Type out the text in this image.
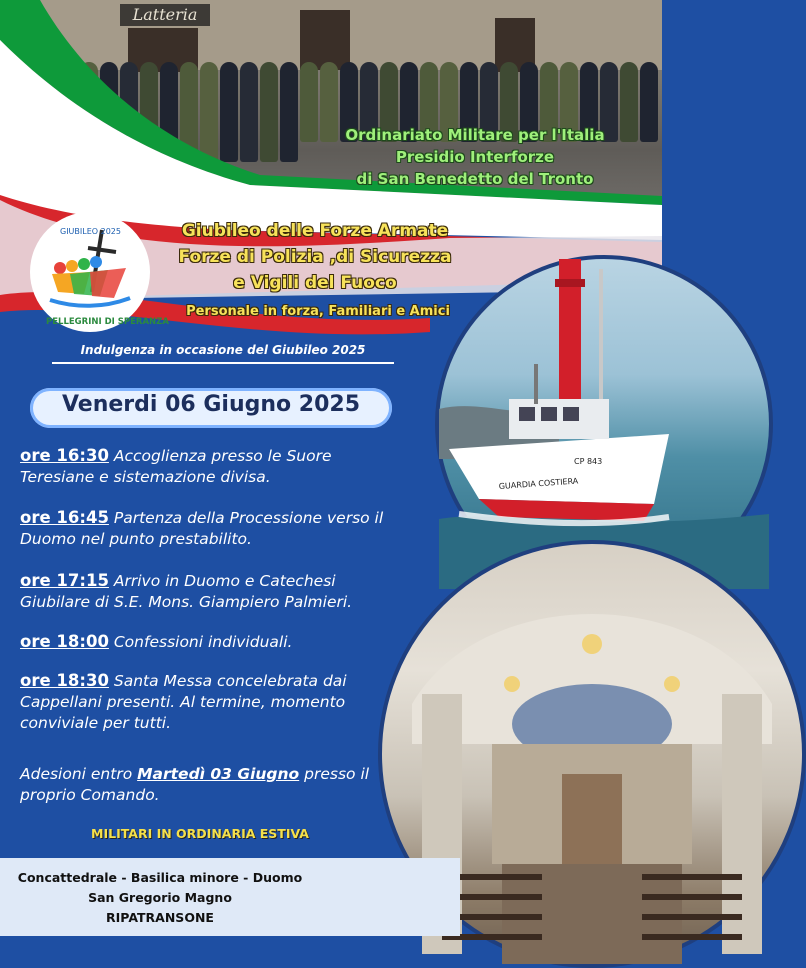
Latteria
Ordinariato Militare per l'Italia
Presidio Interforze
di San Benedetto del Tronto
GIUBILEO 2025
PELLEGRINI DI SPERANZA
Giubileo delle Forze Armate
Forze di Polizia ,di Sicurezza
e Vigili del Fuoco
Personale in forza, Familiari e Amici
Indulgenza in occasione del Giubileo 2025
GUARDIA COSTIERA
CP 843
Venerdi 06 Giugno 2025
ore 16:30 Accoglienza presso le Suore Teresiane e sistemazione divisa.
ore 16:45 Partenza della Processione verso il Duomo nel punto prestabilito.
ore 17:15 Arrivo in Duomo e Catechesi Giubilare di S.E. Mons. Giampiero Palmieri.
ore 18:00 Confessioni individuali.
ore 18:30 Santa Messa concelebrata dai Cappellani presenti. Al termine, momento conviviale per tutti.
Adesioni entro Martedì 03 Giugno presso il proprio Comando.
MILITARI IN ORDINARIA ESTIVA
Concattedrale - Basilica minore - Duomo
San Gregorio Magno
RIPATRANSONE
